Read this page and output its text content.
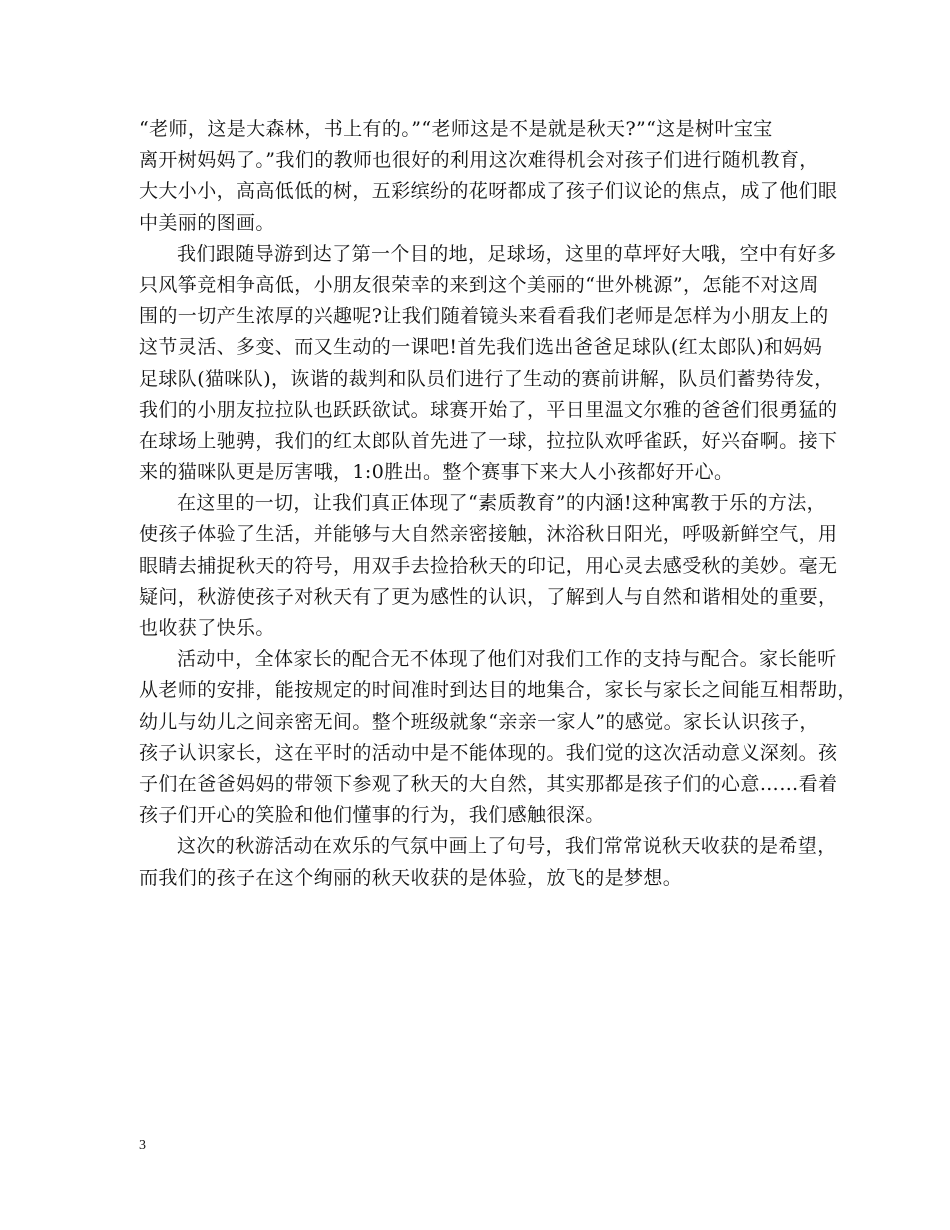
“老师，这是大森林，书上有的。”“老师这是不是就是秋天?”“这是树叶宝宝
离开树妈妈了。”我们的教师也很好的利用这次难得机会对孩子们进行随机教育，
大大小小，高高低低的树，五彩缤纷的花呀都成了孩子们议论的焦点，成了他们眼
中美丽的图画。
我们跟随导游到达了第一个目的地，足球场，这里的草坪好大哦，空中有好多
只风筝竞相争高低，小朋友很荣幸的来到这个美丽的“世外桃源”，怎能不对这周
围的一切产生浓厚的兴趣呢?让我们随着镜头来看看我们老师是怎样为小朋友上的
这节灵活、多变、而又生动的一课吧!首先我们选出爸爸足球队(红太郎队)和妈妈
足球队(猫咪队)，诙谐的裁判和队员们进行了生动的赛前讲解，队员们蓄势待发，
我们的小朋友拉拉队也跃跃欲试。球赛开始了，平日里温文尔雅的爸爸们很勇猛的
在球场上驰骋，我们的红太郎队首先进了一球，拉拉队欢呼雀跃，好兴奋啊。接下
来的猫咪队更是厉害哦，1:0胜出。整个赛事下来大人小孩都好开心。
在这里的一切，让我们真正体现了“素质教育”的内涵!这种寓教于乐的方法，
使孩子体验了生活，并能够与大自然亲密接触，沐浴秋日阳光，呼吸新鲜空气，用
眼睛去捕捉秋天的符号，用双手去捡拾秋天的印记，用心灵去感受秋的美妙。毫无
疑问，秋游使孩子对秋天有了更为感性的认识，了解到人与自然和谐相处的重要，
也收获了快乐。
活动中，全体家长的配合无不体现了他们对我们工作的支持与配合。家长能听
从老师的安排，能按规定的时间准时到达目的地集合，家长与家长之间能互相帮助，
幼儿与幼儿之间亲密无间。整个班级就象“亲亲一家人”的感觉。家长认识孩子，
孩子认识家长，这在平时的活动中是不能体现的。我们觉的这次活动意义深刻。孩
子们在爸爸妈妈的带领下参观了秋天的大自然，其实那都是孩子们的心意……看着
孩子们开心的笑脸和他们懂事的行为，我们感触很深。
这次的秋游活动在欢乐的气氛中画上了句号，我们常常说秋天收获的是希望，
而我们的孩子在这个绚丽的秋天收获的是体验，放飞的是梦想。
3
